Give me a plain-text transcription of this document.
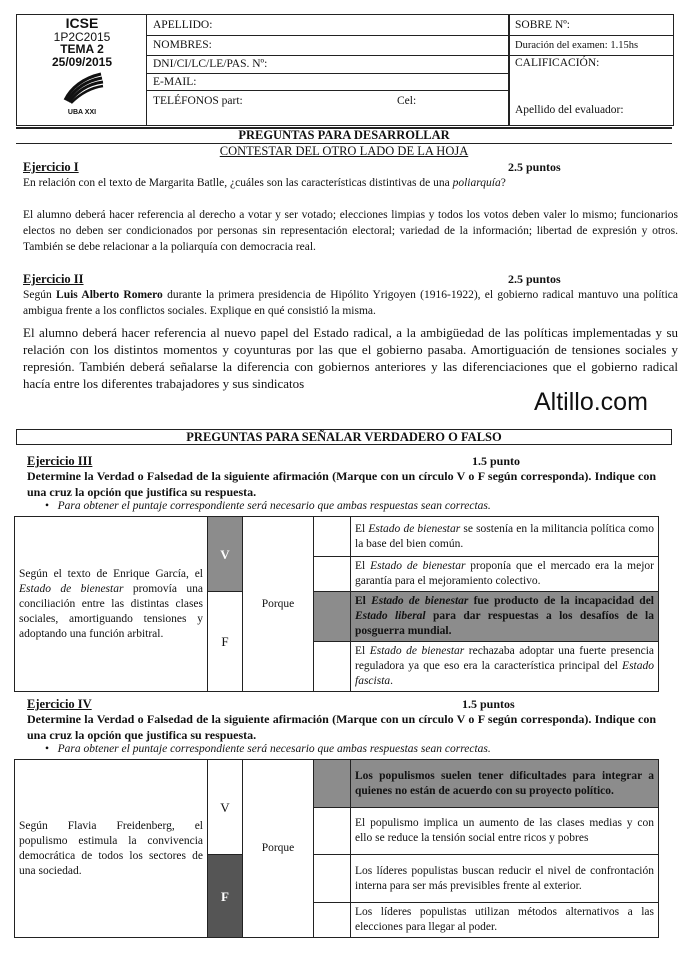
ICSE
1P2C2015
TEMA 2
25/09/2015
UBA XXI
APELLIDO:
NOMBRES:
DNI/CI/LC/LE/PAS. Nº:
E-MAIL:
TELÉFONOS part:	Cel:
SOBRE Nº:
Duración del examen: 1.15hs
CALIFICACIÓN:
Apellido del evaluador:
PREGUNTAS PARA DESARROLLAR
CONTESTAR DEL OTRO LADO DE LA HOJA
Ejercicio I	2.5 puntos
En relación con el texto de Margarita Batlle, ¿cuáles son las características distintivas de una poliarquía?
El alumno deberá hacer referencia al derecho a votar y ser votado; elecciones limpias y todos los votos deben valer lo mismo; funcionarios electos no deben ser condicionados por personas sin representación electoral; variedad de la información; libertad de expresión y otros. También se debe relacionar a la poliarquía con democracia real.
Ejercicio II	2.5 puntos
Según Luis Alberto Romero durante la primera presidencia de Hipólito Yrigoyen (1916-1922), el gobierno radical mantuvo una política ambigua frente a los conflictos sociales. Explique en qué consistió la misma.
El alumno deberá hacer referencia al nuevo papel del Estado radical, a la ambigüedad de las políticas implementadas y su relación con los distintos momentos y coyunturas por las que el gobierno pasaba. Amortiguación de tensiones sociales y represión. También deberá señalarse la diferencia con gobiernos anteriores y las diferenciaciones que el gobierno radical hacía entre los diferentes trabajadores y sus sindicatos
Altillo.com
PREGUNTAS PARA SEÑALAR VERDADERO O FALSO
Ejercicio III	1.5 punto
Determine la Verdad o Falsedad de la siguiente afirmación (Marque con un círculo V o F según corresponda). Indique con una cruz la opción que justifica su respuesta.
•   Para obtener el puntaje correspondiente será necesario que ambas respuestas sean correctas.
Según el texto de Enrique García, el Estado de bienestar promovía una conciliación entre las distintas clases sociales, amortiguando tensiones y adoptando una función arbitral.	V	Porque		El Estado de bienestar se sostenía en la militancia política como la base del bien común.
				El Estado de bienestar proponía que el mercado era la mejor garantía para el mejoramiento colectivo.
	F			El Estado de bienestar fue producto de la incapacidad del Estado liberal para dar respuestas a los desafíos de la posguerra mundial.
				El Estado de bienestar rechazaba adoptar una fuerte presencia reguladora ya que eso era la característica principal del Estado fascista.
Ejercicio IV	1.5 puntos
Determine la Verdad o Falsedad de la siguiente afirmación (Marque con un círculo V o F según corresponda). Indique con una cruz la opción que justifica su respuesta.
•   Para obtener el puntaje correspondiente será necesario que ambas respuestas sean correctas.
Según Flavia Freidenberg, el populismo estimula la convivencia democrática de todos los sectores de una sociedad.	V	Porque		Los populismos suelen tener dificultades para integrar a quienes no están de acuerdo con su proyecto político.
				El populismo implica un aumento de las clases medias y con ello se reduce la tensión social entre ricos y pobres
	F			Los líderes populistas buscan reducir el nivel de confrontación interna para ser más previsibles frente al exterior.
				Los líderes populistas utilizan métodos alternativos a las elecciones para llegar al poder.
